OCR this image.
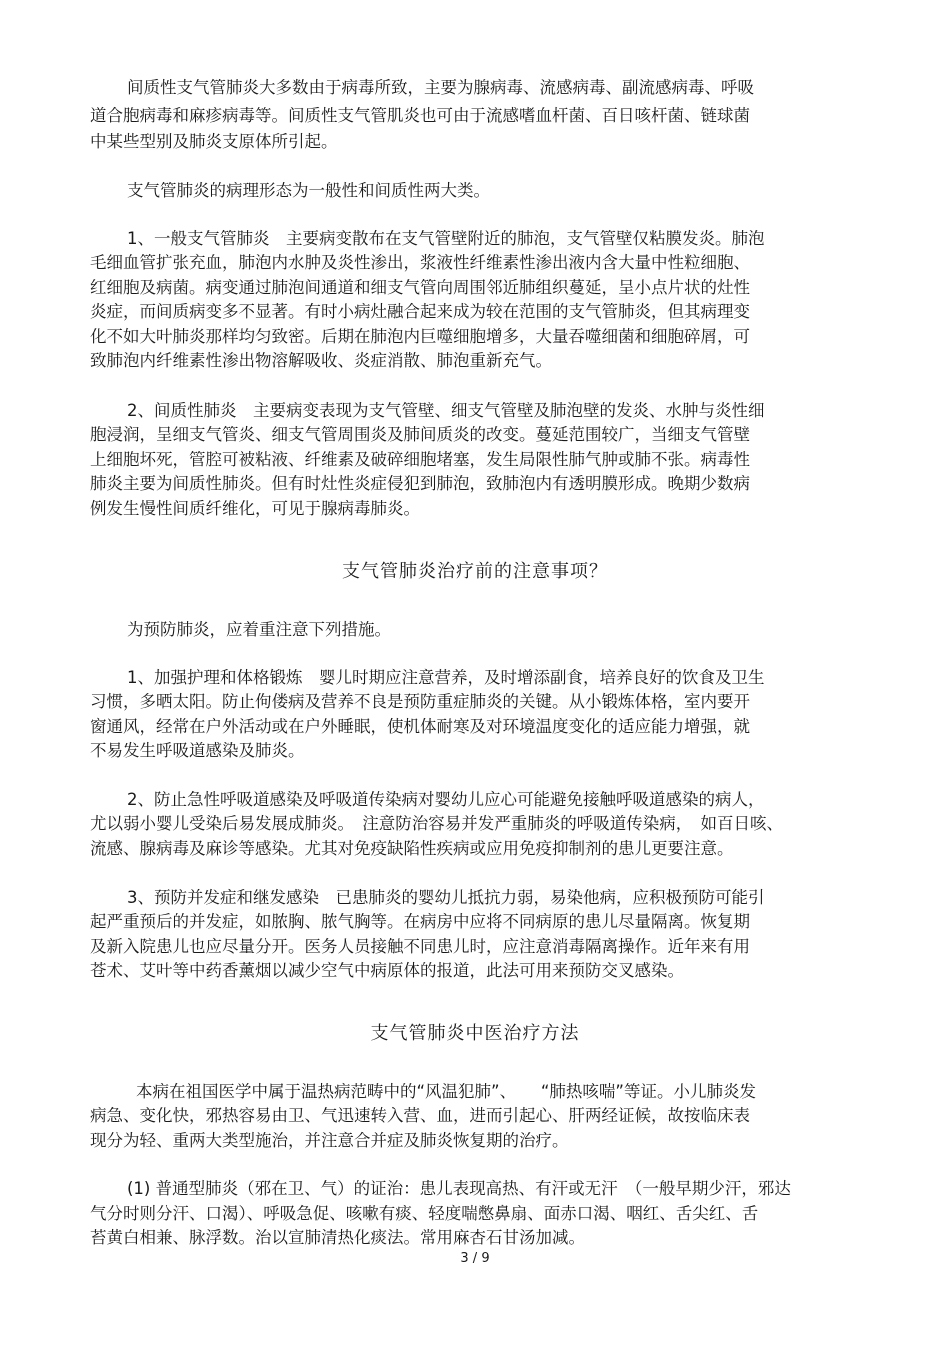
间质性支气管肺炎大多数由于病毒所致，主要为腺病毒、流感病毒、副流感病毒、呼吸
道合胞病毒和麻疹病毒等。间质性支气管肌炎也可由于流感嗜血杆菌、百日咳杆菌、链球菌
中某些型别及肺炎支原体所引起。
支气管肺炎的病理形态为一般性和间质性两大类。
1、一般支气管肺炎　主要病变散布在支气管壁附近的肺泡，支气管壁仅粘膜发炎。肺泡
毛细血管扩张充血，肺泡内水肿及炎性渗出，浆液性纤维素性渗出液内含大量中性粒细胞、
红细胞及病菌。病变通过肺泡间通道和细支气管向周围邻近肺组织蔓延，呈小点片状的灶性
炎症，而间质病变多不显著。有时小病灶融合起来成为较在范围的支气管肺炎，但其病理变
化不如大叶肺炎那样均匀致密。后期在肺泡内巨噬细胞增多，大量吞噬细菌和细胞碎屑，可
致肺泡内纤维素性渗出物溶解吸收、炎症消散、肺泡重新充气。
2、间质性肺炎　主要病变表现为支气管壁、细支气管壁及肺泡壁的发炎、水肿与炎性细
胞浸润，呈细支气管炎、细支气管周围炎及肺间质炎的改变。蔓延范围较广，当细支气管壁
上细胞坏死，管腔可被粘液、纤维素及破碎细胞堵塞，发生局限性肺气肿或肺不张。病毒性
肺炎主要为间质性肺炎。但有时灶性炎症侵犯到肺泡，致肺泡内有透明膜形成。晚期少数病
例发生慢性间质纤维化，可见于腺病毒肺炎。
支气管肺炎治疗前的注意事项？
为预防肺炎，应着重注意下列措施。
1、加强护理和体格锻炼　婴儿时期应注意营养，及时增添副食，培养良好的饮食及卫生
习惯，多晒太阳。防止佝偻病及营养不良是预防重症肺炎的关键。从小锻炼体格，室内要开
窗通风，经常在户外活动或在户外睡眠，使机体耐寒及对环境温度变化的适应能力增强，就
不易发生呼吸道感染及肺炎。
2、防止急性呼吸道感染及呼吸道传染病对婴幼儿应心可能避免接触呼吸道感染的病人，
尤以弱小婴儿受染后易发展成肺炎。　注意防治容易并发严重肺炎的呼吸道传染病，　如百日咳、
流感、腺病毒及麻诊等感染。尤其对免疫缺陷性疾病或应用免疫抑制剂的患儿更要注意。
3、预防并发症和继发感染　已患肺炎的婴幼儿抵抗力弱，易染他病，应积极预防可能引
起严重预后的并发症，如脓胸、脓气胸等。在病房中应将不同病原的患儿尽量隔离。恢复期
及新入院患儿也应尽量分开。医务人员接触不同患儿时，应注意消毒隔离操作。近年来有用
苍术、艾叶等中药香薰烟以减少空气中病原体的报道，此法可用来预防交叉感染。
支气管肺炎中医治疗方法
本病在祖国医学中属于温热病范畴中的“风温犯肺”、　　“肺热咳喘”等证。小儿肺炎发
病急、变化快，邪热容易由卫、气迅速转入营、血，进而引起心、肝两经证候，故按临床表
现分为轻、重两大类型施治，并注意合并症及肺炎恢复期的治疗。
(1) 普通型肺炎（邪在卫、气）的证治：患儿表现高热、有汗或无汗　（一般早期少汗，邪达
气分时则分汗、口渴）、呼吸急促、咳嗽有痰、轻度喘憋鼻扇、面赤口渴、咽红、舌尖红、舌
苔黄白相兼、脉浮数。治以宣肺清热化痰法。常用麻杏石甘汤加减。
3 / 9
